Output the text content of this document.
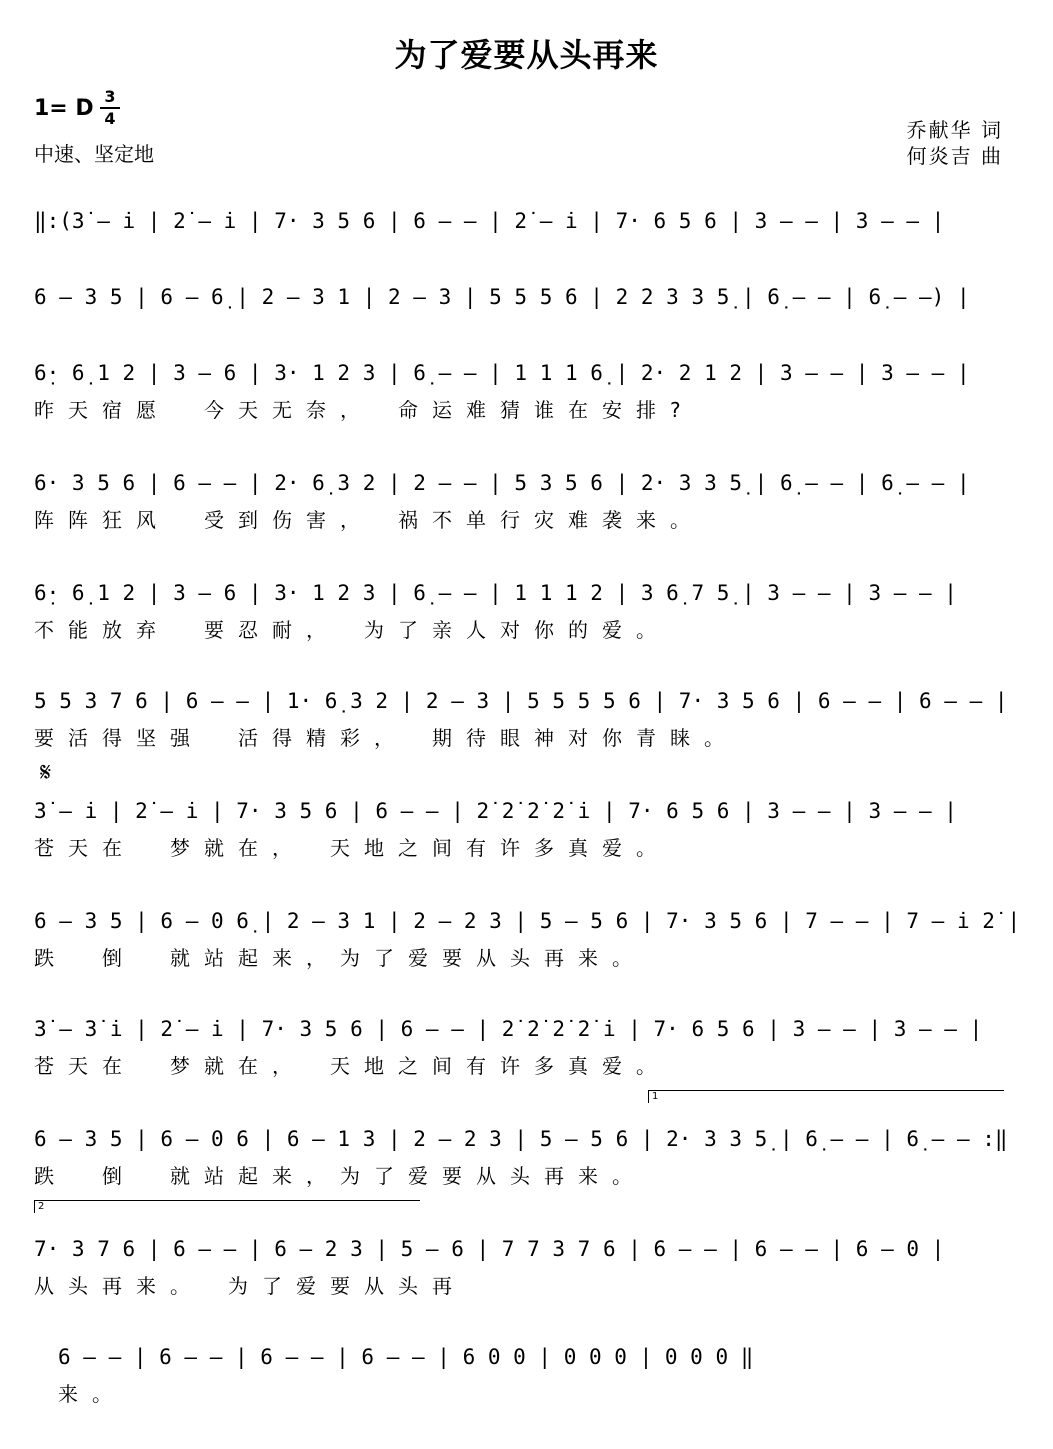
为了爱要从头再来
1= D 3
4
中速、坚定地
乔献华 词
何炎吉 曲
‖:(3̇ – i̇ | 2̇ – i̇ | 7· 3 5 6 | 6 – – | 2̇ – i̇ | 7· 6 5 6 | 3 – – | 3 – – |
6 – 3 5 | 6 – 6̣ | 2 – 3 1 | 2 – 3 | 5 5 5 6 | 2 2 3 3 5̣ | 6̣ – – | 6̣ – –) |
6̣· 6̣ 1 2 | 3 – 6 | 3· 1 2 3 | 6̣ – – | 1 1 1 6̣ | 2· 2 1 2 | 3 – – | 3 – – |
昨天宿愿　今天无奈，　命运难猜谁在安排?
6· 3 5 6 | 6 – – | 2· 6̣ 3 2 | 2 – – | 5 3 5 6 | 2· 3 3 5̣ | 6̣ – – | 6̣ – – |
阵阵狂风　受到伤害，　祸不单行灾难袭来。
6̣· 6̣ 1 2 | 3 – 6 | 3· 1 2 3 | 6̣ – – | 1 1 1 2 | 3 6̣ 7 5̣ | 3 – – | 3 – – |
不能放弃　要忍耐，　为了亲人对你的爱。
5 5 3 7 6 | 6 – – | 1· 6̣ 3 2 | 2 – 3 | 5 5 5 5 6 | 7· 3 5 6 | 6 – – | 6 – – |
要活得坚强　活得精彩，　期待眼神对你青睐。
𝄋
3̇ – i̇ | 2̇ – i̇ | 7· 3 5 6 | 6 – – | 2̇ 2̇ 2̇ 2̇ i̇ | 7· 6 5 6 | 3 – – | 3 – – |
苍天在　梦就在，　天地之间有许多真爱。
6 – 3 5 | 6 – 0 6̣ | 2 – 3 1 | 2 – 2 3 | 5 – 5 6 | 7· 3 5 6 | 7 – – | 7 – i̇ 2̇ |
跌　倒　就站起来，为了爱要从头再来。
3̇ – 3̇ i̇ | 2̇ – i̇ | 7· 3 5 6 | 6 – – | 2̇ 2̇ 2̇ 2̇ i̇ | 7· 6 5 6 | 3 – – | 3 – – |
苍天在　梦就在，　天地之间有许多真爱。
1
6 – 3 5 | 6 – 0 6 | 6 – 1 3 | 2 – 2 3 | 5 – 5 6 | 2· 3 3 5̣ | 6̣ – – | 6̣ – – :‖
跌　倒　就站起来，为了爱要从头再来。
2
7· 3 7 6 | 6 – – | 6 – 2 3 | 5 – 6 | 7 7 3 7 6 | 6 – – | 6 – – | 6 – 0 |
从头再来。　为了爱要从头再
6 – – | 6 – – | 6 – – | 6 – – | 6 0 0 | 0 0 0 | 0 0 0 ‖
来。
